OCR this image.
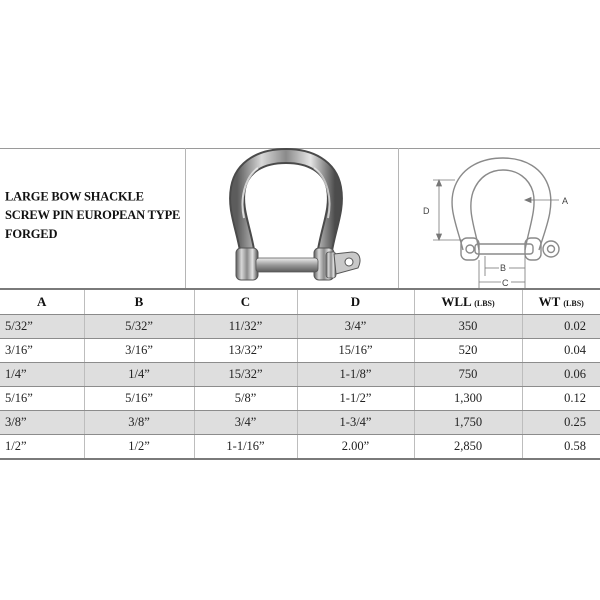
LARGE BOW SHACKLE SCREW PIN EUROPEAN TYPE FORGED
D
A
B
C
A	B	C	D	WLL (LBS)	WT (LBS)
5/32”	5/32”	11/32”	3/4”	350	0.02
3/16”	3/16”	13/32”	15/16”	520	0.04
1/4”	1/4”	15/32”	1-1/8”	750	0.06
5/16”	5/16”	5/8”	1-1/2”	1,300	0.12
3/8”	3/8”	3/4”	1-3/4”	1,750	0.25
1/2”	1/2”	1-1/16”	2.00”	2,850	0.58
